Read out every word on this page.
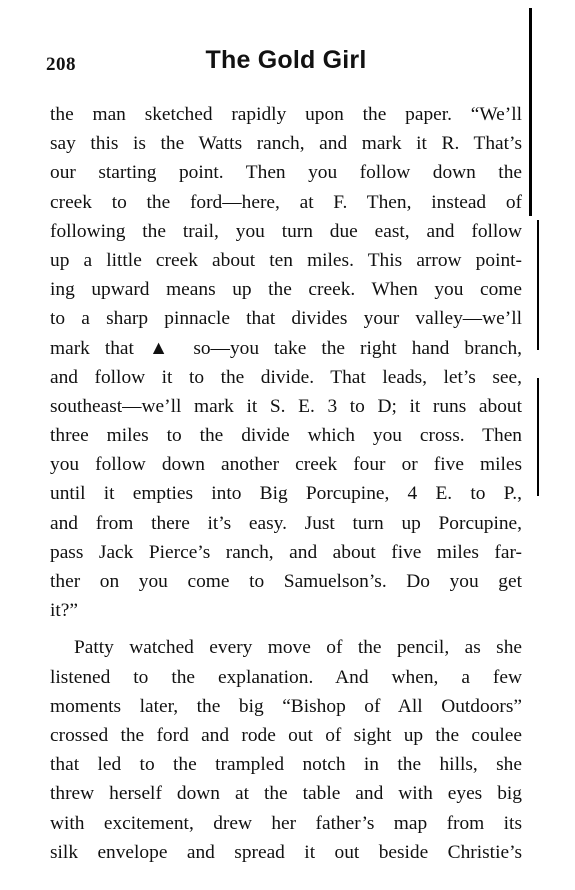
208	The Gold Girl
the man sketched rapidly upon the paper. “We’ll
say this is the Watts ranch, and mark it R. That’s
our starting point. Then you follow down the
creek to the ford—here, at F. Then, instead of
following the trail, you turn due east, and follow
up a little creek about ten miles. This arrow point-
ing upward means up the creek. When you come
to a sharp pinnacle that divides your valley—we’ll
mark that ▲ so—you take the right hand branch,
and follow it to the divide. That leads, let’s see,
southeast—we’ll mark it S. E. 3 to D; it runs about
three miles to the divide which you cross. Then
you follow down another creek four or five miles
until it empties into Big Porcupine, 4 E. to P.,
and from there it’s easy. Just turn up Porcupine,
pass Jack Pierce’s ranch, and about five miles far-
ther on you come to Samuelson’s. Do you get
it?”
Patty watched every move of the pencil, as she
listened to the explanation. And when, a few
moments later, the big “Bishop of All Outdoors”
crossed the ford and rode out of sight up the coulee
that led to the trampled notch in the hills, she
threw herself down at the table and with eyes big
with excitement, drew her father’s map from its
silk envelope and spread it out beside Christie’s
